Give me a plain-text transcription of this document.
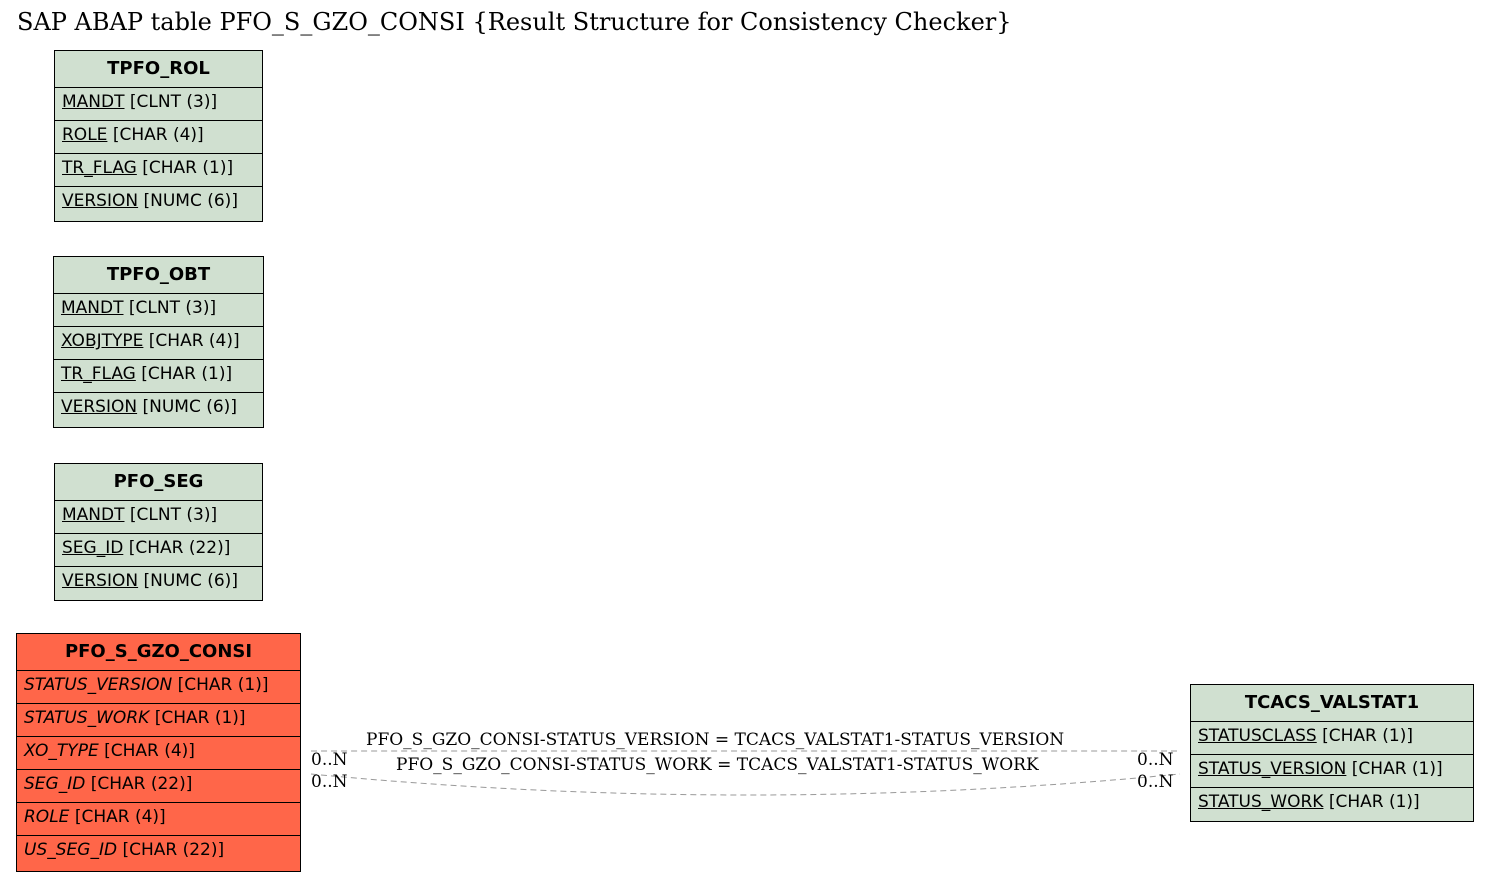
SAP ABAP table PFO_S_GZO_CONSI {Result Structure for Consistency Checker}
TPFO_ROL
MANDT [CLNT (3)]
ROLE [CHAR (4)]
TR_FLAG [CHAR (1)]
VERSION [NUMC (6)]
TPFO_OBT
MANDT [CLNT (3)]
XOBJTYPE [CHAR (4)]
TR_FLAG [CHAR (1)]
VERSION [NUMC (6)]
PFO_SEG
MANDT [CLNT (3)]
SEG_ID [CHAR (22)]
VERSION [NUMC (6)]
PFO_S_GZO_CONSI
STATUS_VERSION [CHAR (1)]
STATUS_WORK [CHAR (1)]
XO_TYPE [CHAR (4)]
SEG_ID [CHAR (22)]
ROLE [CHAR (4)]
US_SEG_ID [CHAR (22)]
TCACS_VALSTAT1
STATUSCLASS [CHAR (1)]
STATUS_VERSION [CHAR (1)]
STATUS_WORK [CHAR (1)]
PFO_S_GZO_CONSI-STATUS_VERSION = TCACS_VALSTAT1-STATUS_VERSION
PFO_S_GZO_CONSI-STATUS_WORK = TCACS_VALSTAT1-STATUS_WORK
0..N
0..N
0..N
0..N
